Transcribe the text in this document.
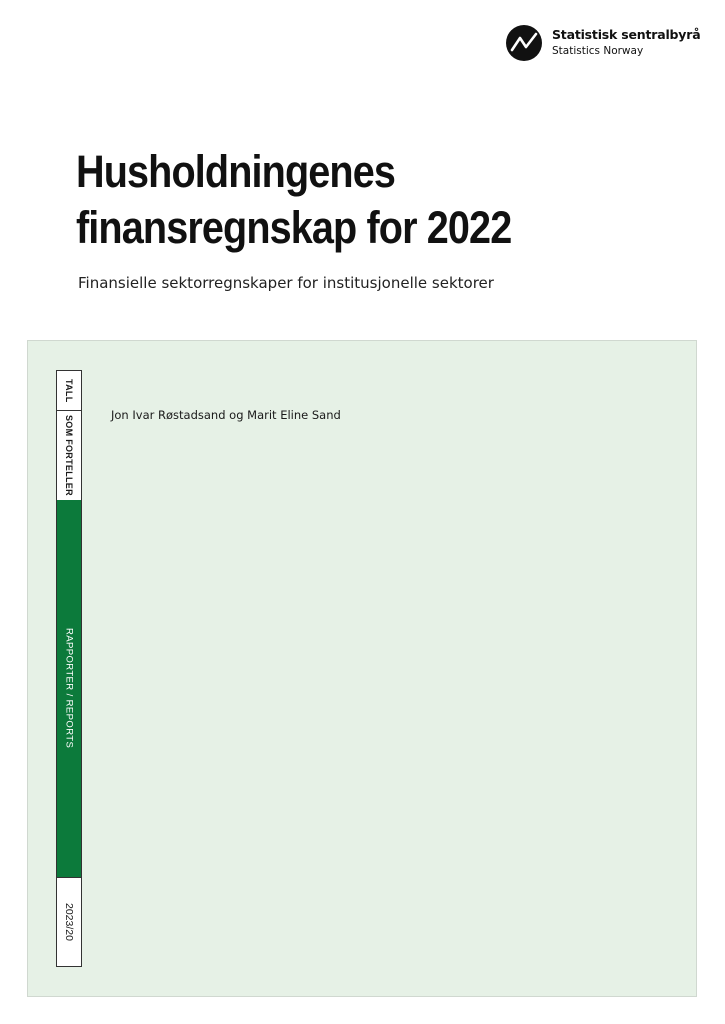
Statistisk sentralbyrå
Statistics Norway
Husholdningenes
finansregnskap for 2022
Finansielle sektorregnskaper for institusjonelle sektorer
TALL
SOM FORTELLER
RAPPORTER / REPORTS
2023/20
Jon Ivar Røstadsand og Marit Eline Sand
